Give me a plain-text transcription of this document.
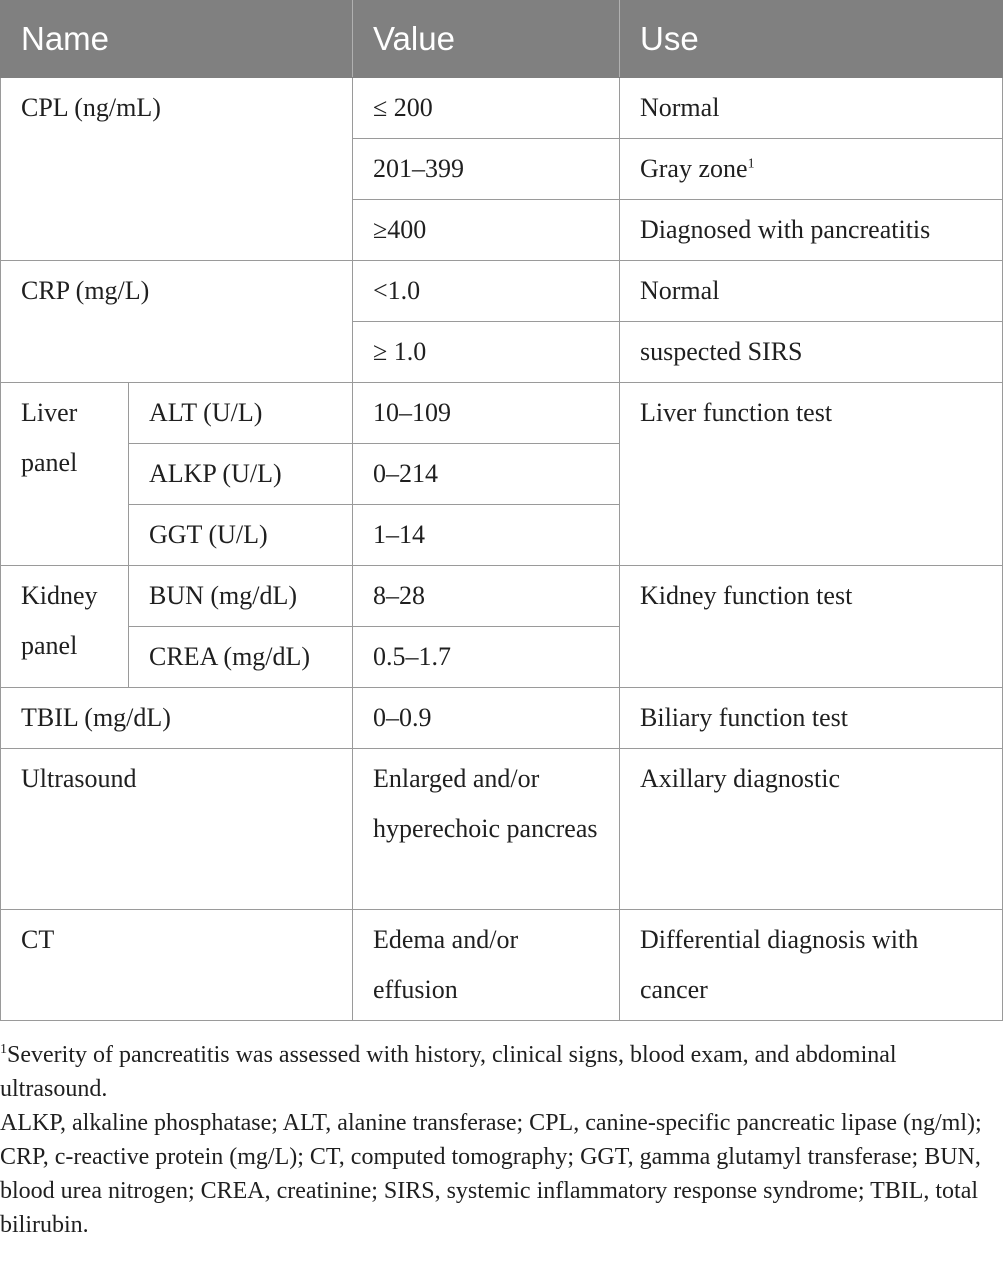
Name		Value	Use
CPL (ng/mL)		≤ 200	Normal
		201–399	Gray zone$^1$
		≥400	Diagnosed with pancreatitis
CRP (mg/L)		<1.0	Normal
		≥ 1.0	suspected SIRS
Liver panel	ALT (U/L)	10–109	Liver function test
	ALKP (U/L)	0–214	
	GGT (U/L)	1–14	
Kidney panel	BUN (mg/dL)	8–28	Kidney function test
	CREA (mg/dL)	0.5–1.7	
TBIL (mg/dL)		0–0.9	Biliary function test
Ultrasound		Enlarged and/or hyperechoic pancreas	Axillary diagnostic
CT		Edema and/or effusion	Differential diagnosis with cancer

$^1$Severity of pancreatitis was assessed with history, clinical signs, blood exam, and abdominal ultrasound.

ALKP, alkaline phosphatase; ALT, alanine transferase; CPL, canine-specific pancreatic lipase (ng/ml); CRP, c-reactive protein (mg/L); CT, computed tomography; GGT, gamma glutamyl transferase; BUN, blood urea nitrogen; CREA, creatinine; SIRS, systemic inflammatory response syndrome; TBIL, total bilirubin.
